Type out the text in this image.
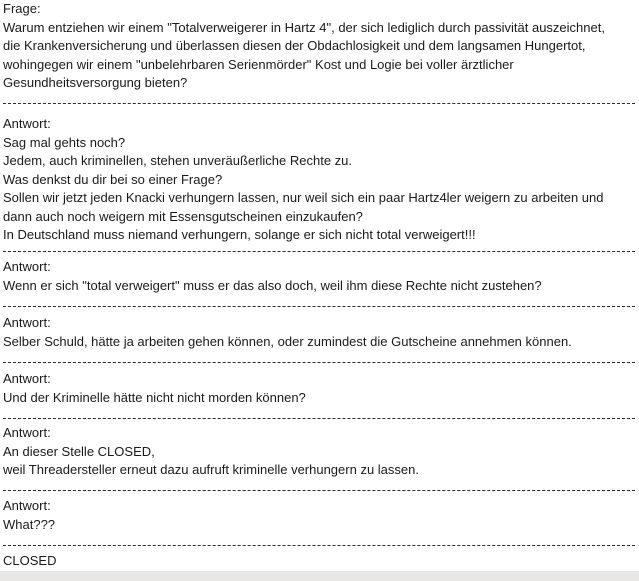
Frage:
Warum entziehen wir einem "Totalverweigerer in Hartz 4", der sich lediglich durch passivität auszeichnet,
die Krankenversicherung und überlassen diesen der Obdachlosigkeit und dem langsamen Hungertot,
wohingegen wir einem "unbelehrbaren Serienmörder" Kost und Logie bei voller ärztlicher
Gesundheitsversorgung bieten?
Antwort:
Sag mal gehts noch?
Jedem, auch kriminellen, stehen unveräußerliche Rechte zu.
Was denkst du dir bei so einer Frage?
Sollen wir jetzt jeden Knacki verhungern lassen, nur weil sich ein paar Hartz4ler weigern zu arbeiten und
dann auch noch weigern mit Essensgutscheinen einzukaufen?
In Deutschland muss niemand verhungern, solange er sich nicht total verweigert!!!
Antwort:
Wenn er sich "total verweigert" muss er das also doch, weil ihm diese Rechte nicht zustehen?
Antwort:
Selber Schuld, hätte ja arbeiten gehen können, oder zumindest die Gutscheine annehmen können.
Antwort:
Und der Kriminelle hätte nicht nicht morden können?
Antwort:
An dieser Stelle CLOSED,
weil Threadersteller erneut dazu aufruft kriminelle verhungern zu lassen.
Antwort:
What???
CLOSED
